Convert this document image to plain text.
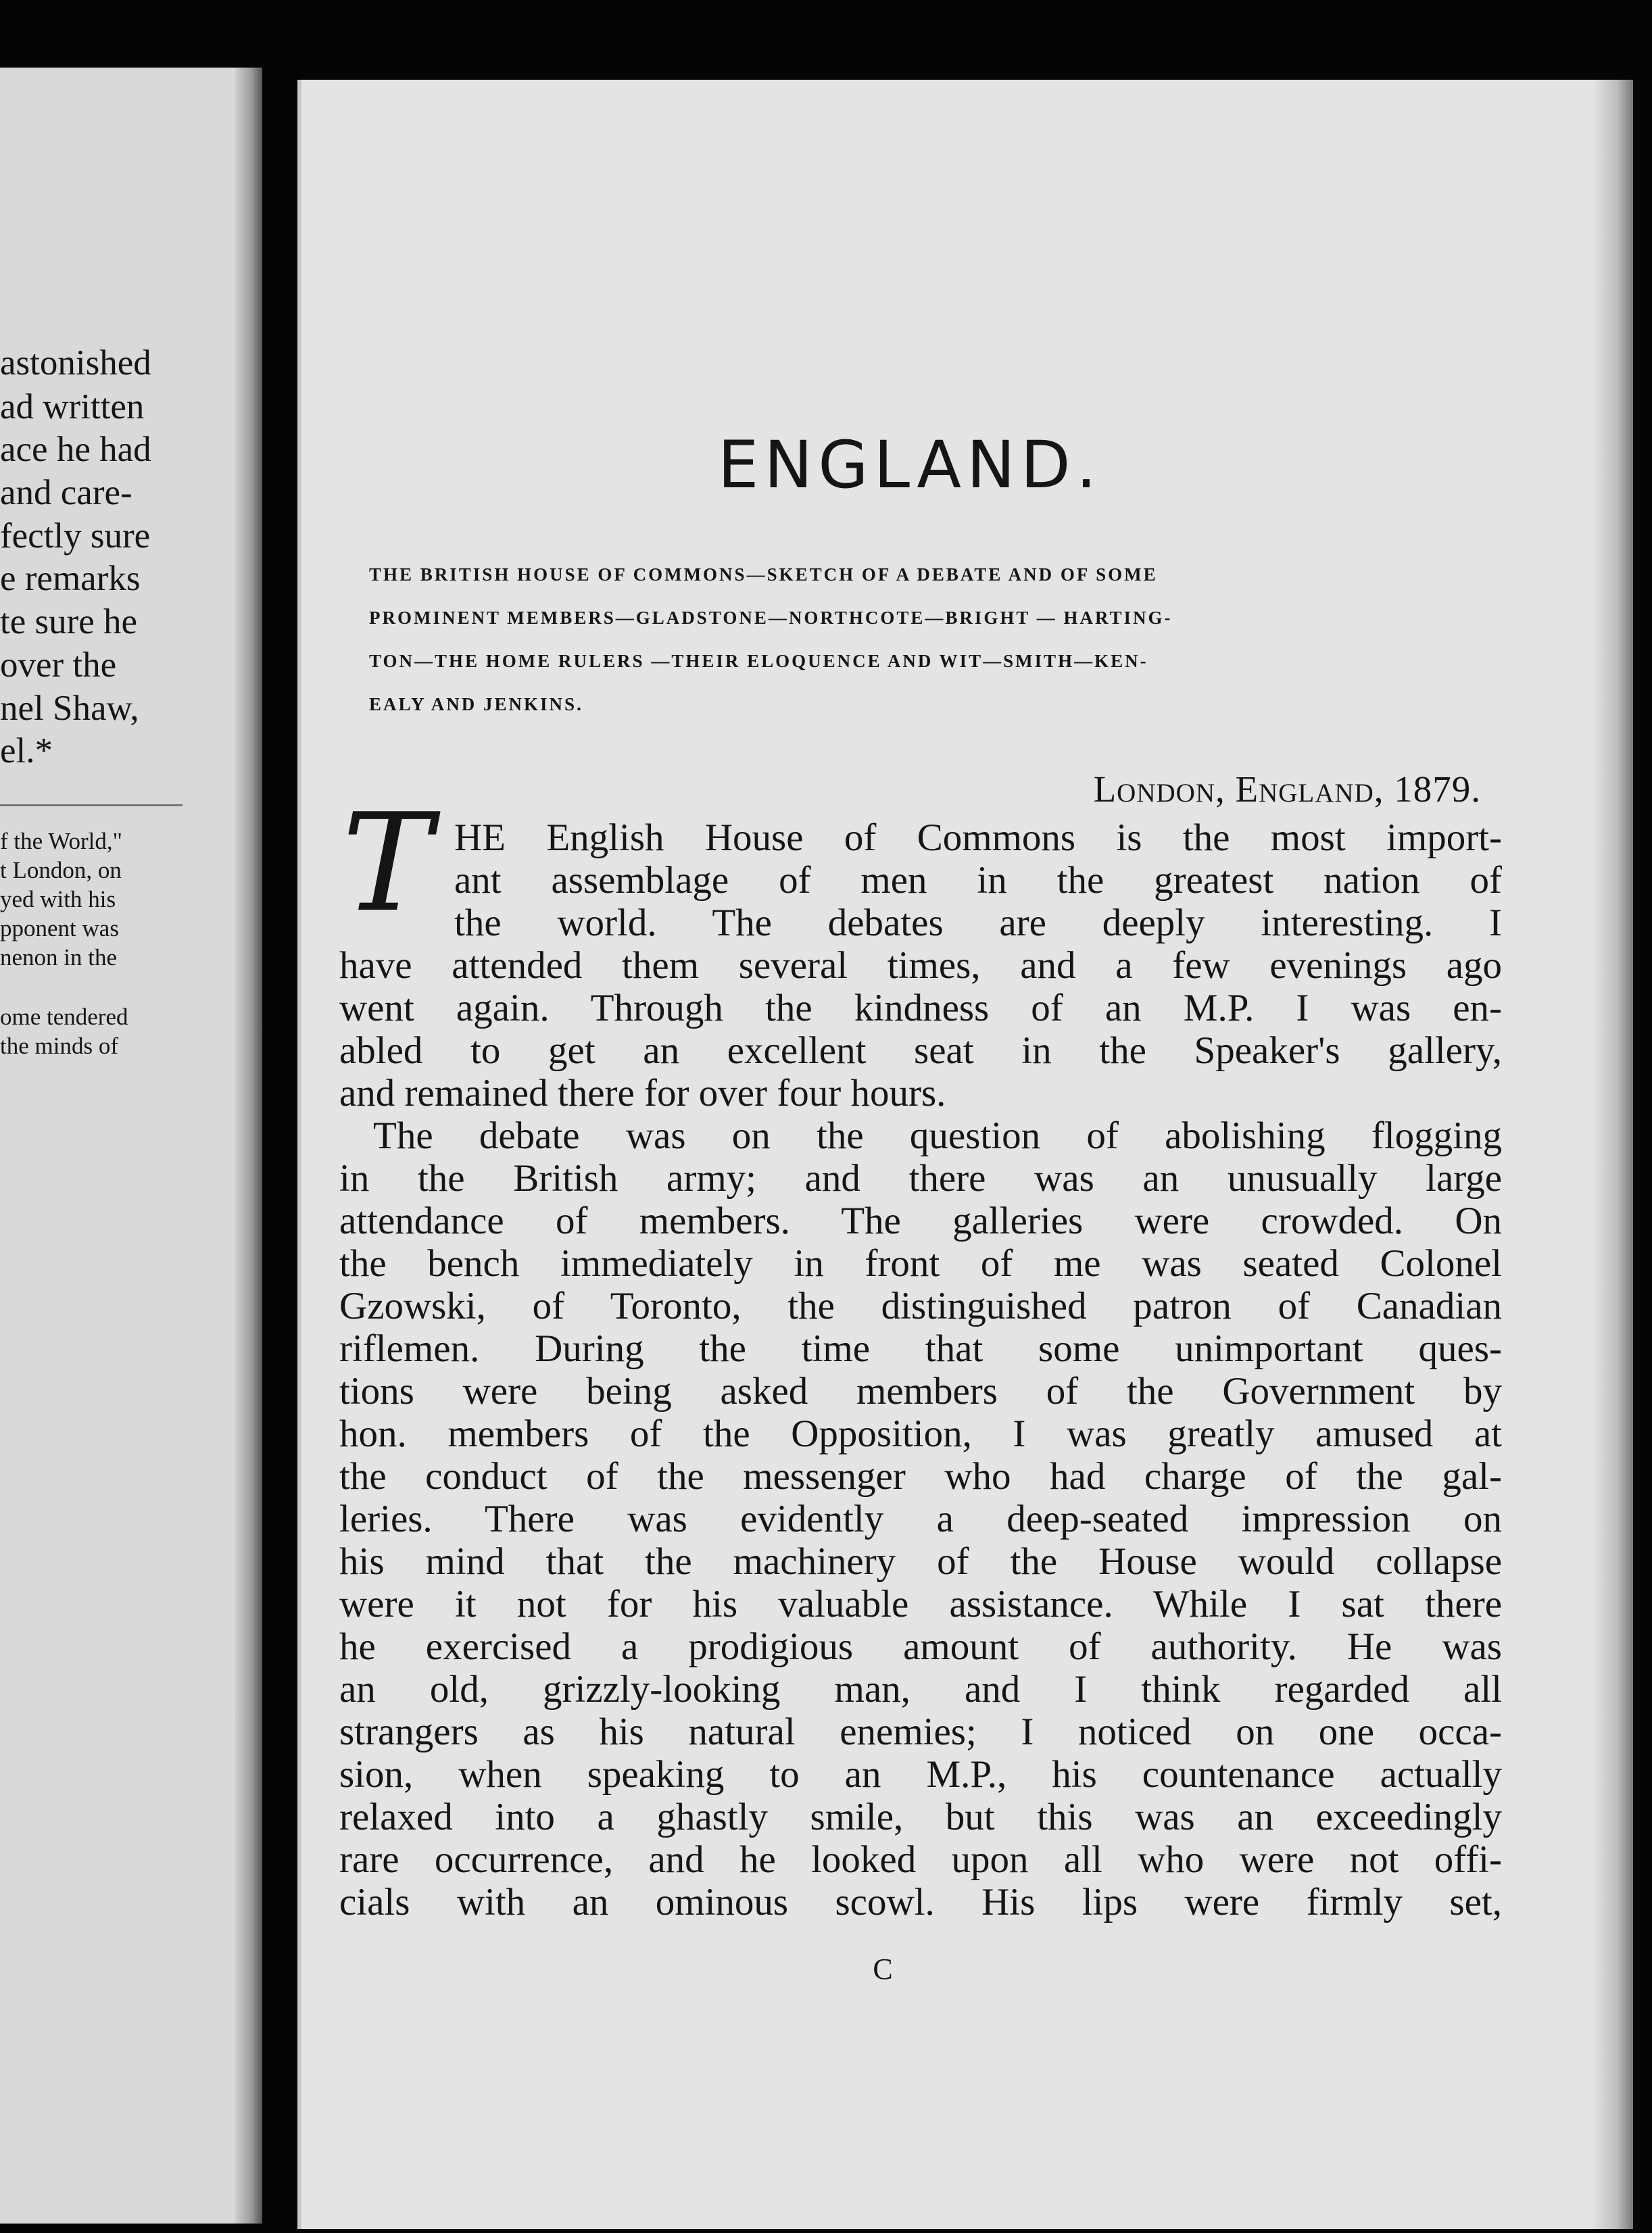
astonished
ad written
ace he had
and care-
fectly sure
e remarks
te sure he
over the
nel Shaw,
el.*
f the World,"
t London, on
yed with his
pponent was
nenon in the
ome tendered
the minds of
ENGLAND.
THE BRITISH HOUSE OF COMMONS—SKETCH OF A DEBATE AND OF SOME
PROMINENT MEMBERS—GLADSTONE—NORTHCOTE—BRIGHT — HARTING-
TON—THE HOME RULERS —THEIR ELOQUENCE AND WIT—SMITH—KEN-
EALY AND JENKINS.
London, England, 1879.
T HE English House of Commons is the most import-
ant assemblage of men in the greatest nation of
the world. The debates are deeply interesting. I
have attended them several times, and a few evenings ago
went again. Through the kindness of an M.P. I was en-
abled to get an excellent seat in the Speaker's gallery,
and remained there for over four hours.
The debate was on the question of abolishing flogging
in the British army; and there was an unusually large
attendance of members. The galleries were crowded. On
the bench immediately in front of me was seated Colonel
Gzowski, of Toronto, the distinguished patron of Canadian
riflemen. During the time that some unimportant ques-
tions were being asked members of the Government by
hon. members of the Opposition, I was greatly amused at
the conduct of the messenger who had charge of the gal-
leries. There was evidently a deep-seated impression on
his mind that the machinery of the House would collapse
were it not for his valuable assistance. While I sat there
he exercised a prodigious amount of authority. He was
an old, grizzly-looking man, and I think regarded all
strangers as his natural enemies; I noticed on one occa-
sion, when speaking to an M.P., his countenance actually
relaxed into a ghastly smile, but this was an exceedingly
rare occurrence, and he looked upon all who were not offi-
cials with an ominous scowl. His lips were firmly set,
C
